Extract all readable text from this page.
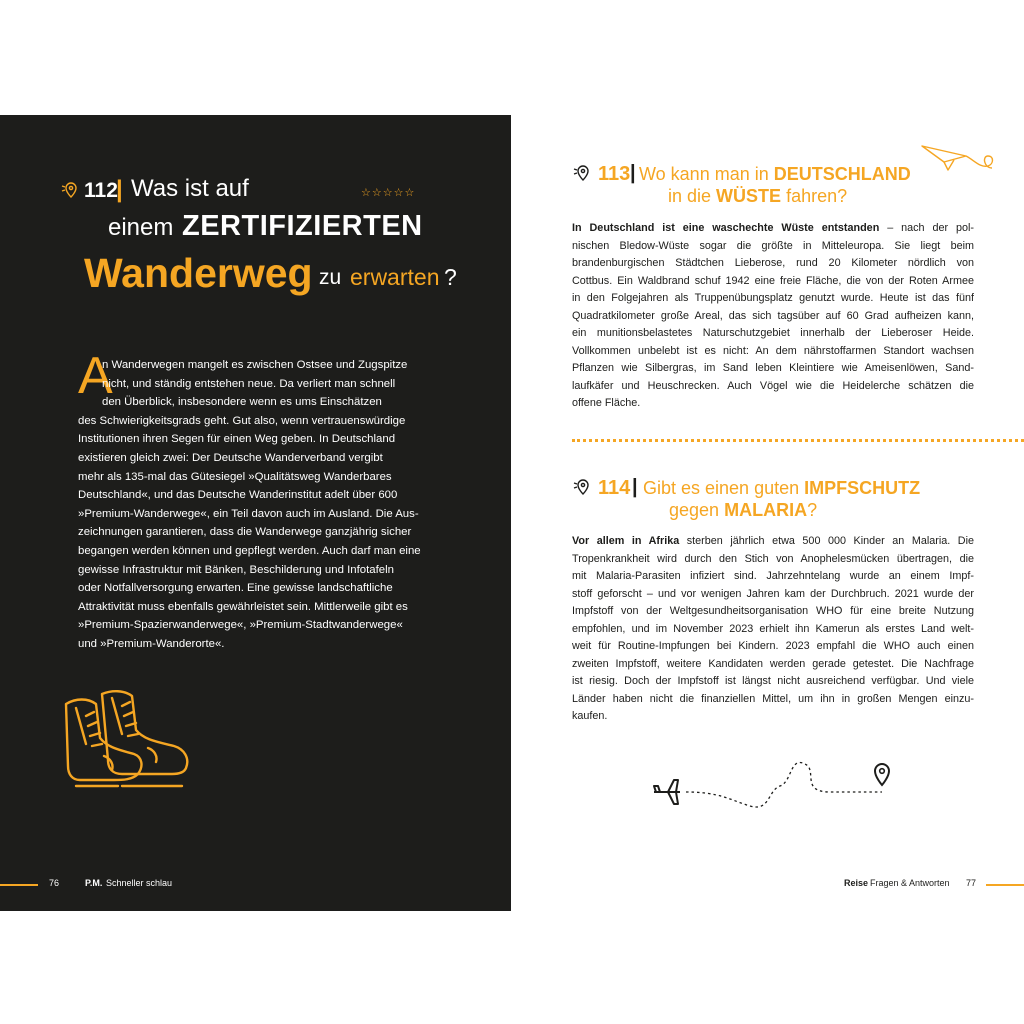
112
| Was ist auf	☆☆☆☆☆
einem ZERTIFIZIERTEN
Wanderweg zu erwarten ?
A
n Wanderwegen mangelt es zwischen Ostsee und Zugspitze
nicht, und ständig entstehen neue. Da verliert man schnell
den Überblick, insbesondere wenn es ums Einschätzen
des Schwierigkeitsgrads geht. Gut also, wenn vertrauenswürdige
Institutionen ihren Segen für einen Weg geben. In Deutschland
existieren gleich zwei: Der Deutsche Wanderverband vergibt
mehr als 135-mal das Gütesiegel »Qualitätsweg Wanderbares
Deutschland«, und das Deutsche Wanderinstitut adelt über 600
»Premium-Wanderwege«, ein Teil davon auch im Ausland. Die Aus-
zeichnungen garantieren, dass die Wanderwege ganzjährig sicher
begangen werden können und gepflegt werden. Auch darf man eine
gewisse Infrastruktur mit Bänken, Beschilderung und Infotafeln
oder Notfallversorgung erwarten. Eine gewisse landschaftliche
Attraktivität muss ebenfalls gewährleistet sein. Mittlerweile gibt es
»Premium-Spazierwanderwege«, »Premium-Stadtwanderwege«
und »Premium-Wanderorte«.
76	P.M. Schneller schlau
113 | Wo kann man in DEUTSCHLAND
in die WÜSTE fahren?
In Deutschland ist eine waschechte Wüste entstanden – nach der pol-
nischen Bledow-Wüste sogar die größte in Mitteleuropa. Sie liegt beim
brandenburgischen Städtchen Lieberose, rund 20 Kilometer nördlich von
Cottbus. Ein Waldbrand schuf 1942 eine freie Fläche, die von der Roten Armee
in den Folgejahren als Truppenübungsplatz genutzt wurde. Heute ist das fünf
Quadratkilometer große Areal, das sich tagsüber auf 60 Grad aufheizen kann,
ein munitionsbelastetes Naturschutzgebiet innerhalb der Lieberoser Heide.
Vollkommen unbelebt ist es nicht: An dem nährstoffarmen Standort wachsen
Pflanzen wie Silbergras, im Sand leben Kleintiere wie Ameisenlöwen, Sand-
laufkäfer und Heuschrecken. Auch Vögel wie die Heidelerche schätzen die
offene Fläche.
114 | Gibt es einen guten IMPFSCHUTZ
gegen MALARIA?
Vor allem in Afrika sterben jährlich etwa 500 000 Kinder an Malaria. Die
Tropenkrankheit wird durch den Stich von Anophelesmücken übertragen, die
mit Malaria-Parasiten infiziert sind. Jahrzehntelang wurde an einem Impf-
stoff geforscht – und vor wenigen Jahren kam der Durchbruch. 2021 wurde der
Impfstoff von der Weltgesundheitsorganisation WHO für eine breite Nutzung
empfohlen, und im November 2023 erhielt ihn Kamerun als erstes Land welt-
weit für Routine-Impfungen bei Kindern. 2023 empfahl die WHO auch einen
zweiten Impfstoff, weitere Kandidaten werden gerade getestet. Die Nachfrage
ist riesig. Doch der Impfstoff ist längst nicht ausreichend verfügbar. Und viele
Länder haben nicht die finanziellen Mittel, um ihn in großen Mengen einzu-
kaufen.
Reise Fragen & Antworten 77
